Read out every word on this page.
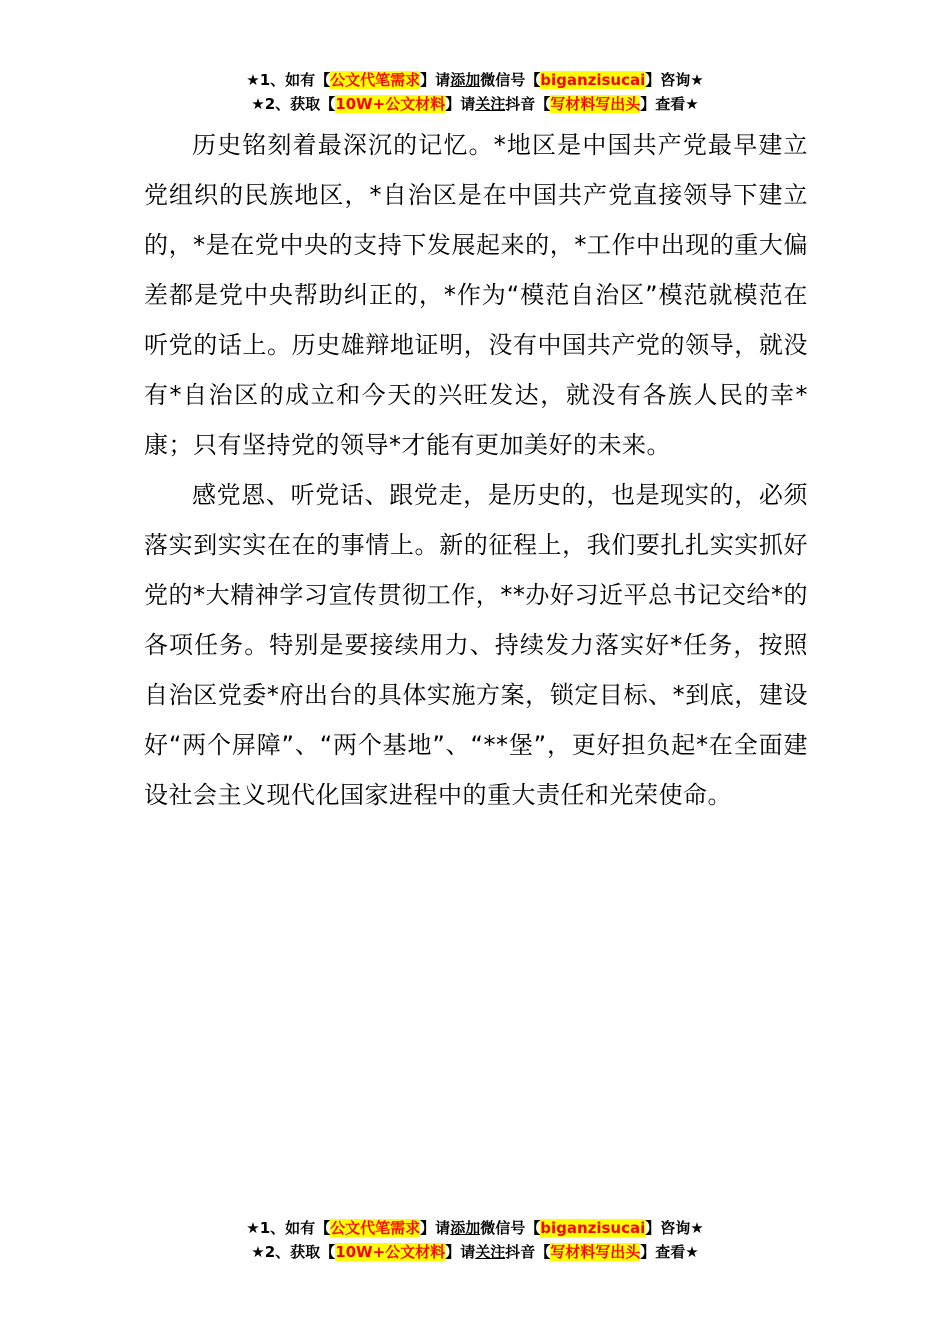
★1、如有【公文代笔需求】请添加微信号【biganzisucai】咨询★
★2、获取【10W+公文材料】请关注抖音【写材料写出头】查看★

历史铭刻着最深沉的记忆。*地区是中国共产党最早建立党组织的民族地区，*自治区是在中国共产党直接领导下建立的，*是在党中央的支持下发展起来的，*工作中出现的重大偏差都是党中央帮助纠正的，*作为“模范自治区”模范就模范在听党的话上。历史雄辩地证明，没有中国共产党的领导，就没有*自治区的成立和今天的兴旺发达，就没有各族人民的幸*康；只有坚持党的领导*才能有更加美好的未来。

感党恩、听党话、跟党走，是历史的，也是现实的，必须落实到实实在在的事情上。新的征程上，我们要扎扎实实抓好党的*大精神学习宣传贯彻工作，**办好习近平总书记交给*的各项任务。特别是要接续用力、持续发力落实好*任务，按照自治区党委*府出台的具体实施方案，锁定目标、*到底，建设好“两个屏障”、“两个基地”、“**堡”，更好担负起*在全面建设社会主义现代化国家进程中的重大责任和光荣使命。

★1、如有【公文代笔需求】请添加微信号【biganzisucai】咨询★
★2、获取【10W+公文材料】请关注抖音【写材料写出头】查看★
